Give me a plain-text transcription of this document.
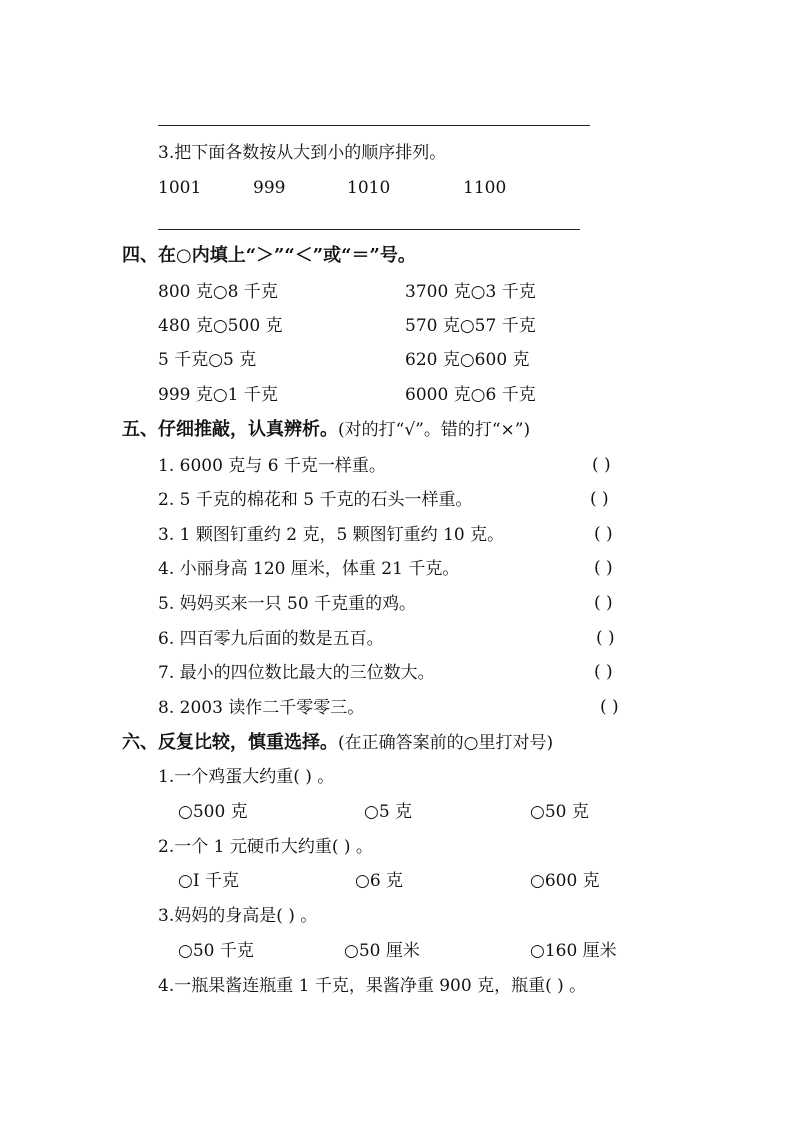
3.把下面各数按从大到小的顺序排列。
1001	999	1010	1100
四、在○内填上“＞”“＜”或“＝”号。
800 克○8 千克	3700 克○3 千克
480 克○500 克	570 克○57 千克
5 千克○5 克	620 克○600 克
999 克○1 千克	6000 克○6 千克
五、仔细推敲，认真辨析。(对的打“√”。错的打“×”)
1. 6000 克与 6 千克一样重。	( )
2. 5 千克的棉花和 5 千克的石头一样重。	( )
3. 1 颗图钉重约 2 克，5 颗图钉重约 10 克。	( )
4. 小丽身高 120 厘米，体重 21 千克。	( )
5. 妈妈买来一只 50 千克重的鸡。	( )
6. 四百零九后面的数是五百。	( )
7. 最小的四位数比最大的三位数大。	( )
8. 2003 读作二千零零三。	( )
六、反复比较，慎重选择。(在正确答案前的○里打对号)
1.一个鸡蛋大约重( ) 。
○500 克	○5 克	○50 克
2.一个 1 元硬币大约重( ) 。
○I 千克	○6 克	○600 克
3.妈妈的身高是( ) 。
○50 千克	○50 厘米	○160 厘米
4.一瓶果酱连瓶重 1 千克，果酱净重 900 克，瓶重( ) 。
